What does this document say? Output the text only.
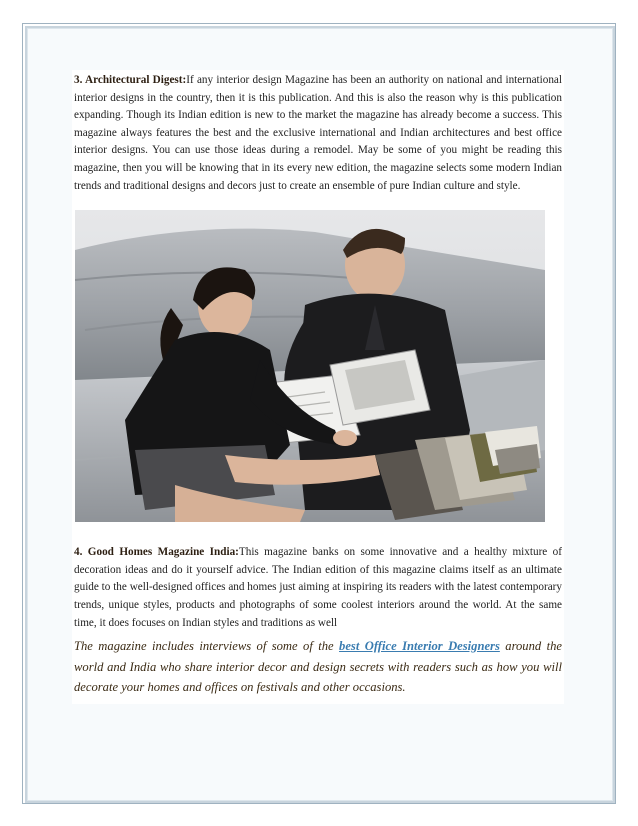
3. Architectural Digest:If any interior design Magazine has been an authority on national and international interior designs in the country, then it is this publication. And this is also the reason why is this publication expanding. Though its Indian edition is new to the market the magazine has already become a success. This magazine always features the best and the exclusive international and Indian architectures and best office interior designs. You can use those ideas during a remodel. May be some of you might be reading this magazine, then you will be knowing that in its every new edition, the magazine selects some modern Indian trends and traditional designs and decors just to create an ensemble of pure Indian culture and style.

4. Good Homes Magazine India:This magazine banks on some innovative and a healthy mixture of decoration ideas and do it yourself advice. The Indian edition of this magazine claims itself as an ultimate guide to the well-designed offices and homes just aiming at inspiring its readers with the latest contemporary trends, unique styles, products and photographs of some coolest interiors around the world. At the same time, it does focuses on Indian styles and traditions as well

The magazine includes interviews of some of the best Office Interior Designers around the world and India who share interior decor and design secrets with readers such as how you will decorate your homes and offices on festivals and other occasions.
